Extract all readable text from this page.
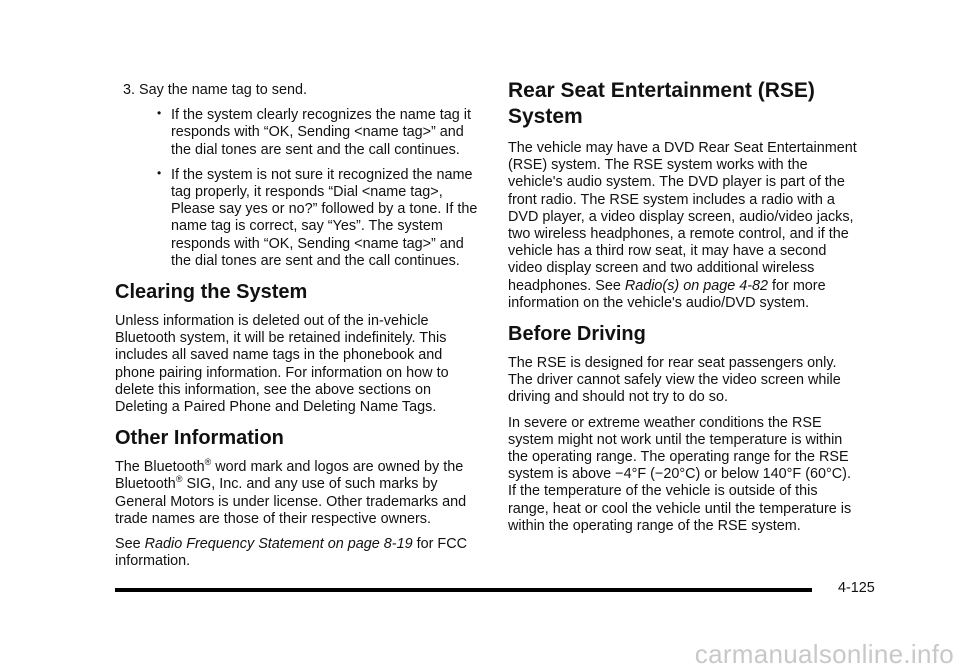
3. Say the name tag to send.

• If the system clearly recognizes the name tag it responds with “OK, Sending <name tag>” and the dial tones are sent and the call continues.
• If the system is not sure it recognized the name tag properly, it responds “Dial <name tag>, Please say yes or no?” followed by a tone. If the name tag is correct, say “Yes”. The system responds with “OK, Sending <name tag>” and the dial tones are sent and the call continues.
Clearing the System

Unless information is deleted out of the in-vehicle Bluetooth system, it will be retained indefinitely. This includes all saved name tags in the phonebook and phone pairing information. For information on how to delete this information, see the above sections on Deleting a Paired Phone and Deleting Name Tags.

Other Information

The Bluetooth® word mark and logos are owned by the Bluetooth® SIG, Inc. and any use of such marks by General Motors is under license. Other trademarks and trade names are those of their respective owners.

See Radio Frequency Statement on page 8-19 for FCC information.

Rear Seat Entertainment (RSE) System

The vehicle may have a DVD Rear Seat Entertainment (RSE) system. The RSE system works with the vehicle's audio system. The DVD player is part of the front radio. The RSE system includes a radio with a DVD player, a video display screen, audio/video jacks, two wireless headphones, a remote control, and if the vehicle has a third row seat, it may have a second video display screen and two additional wireless headphones. See Radio(s) on page 4-82 for more information on the vehicle's audio/DVD system.

Before Driving

The RSE is designed for rear seat passengers only. The driver cannot safely view the video screen while driving and should not try to do so.

In severe or extreme weather conditions the RSE system might not work until the temperature is within the operating range. The operating range for the RSE system is above −4°F (−20°C) or below 140°F (60°C). If the temperature of the vehicle is outside of this range, heat or cool the vehicle until the temperature is within the operating range of the RSE system.

4-125
carmanualsonline.info
